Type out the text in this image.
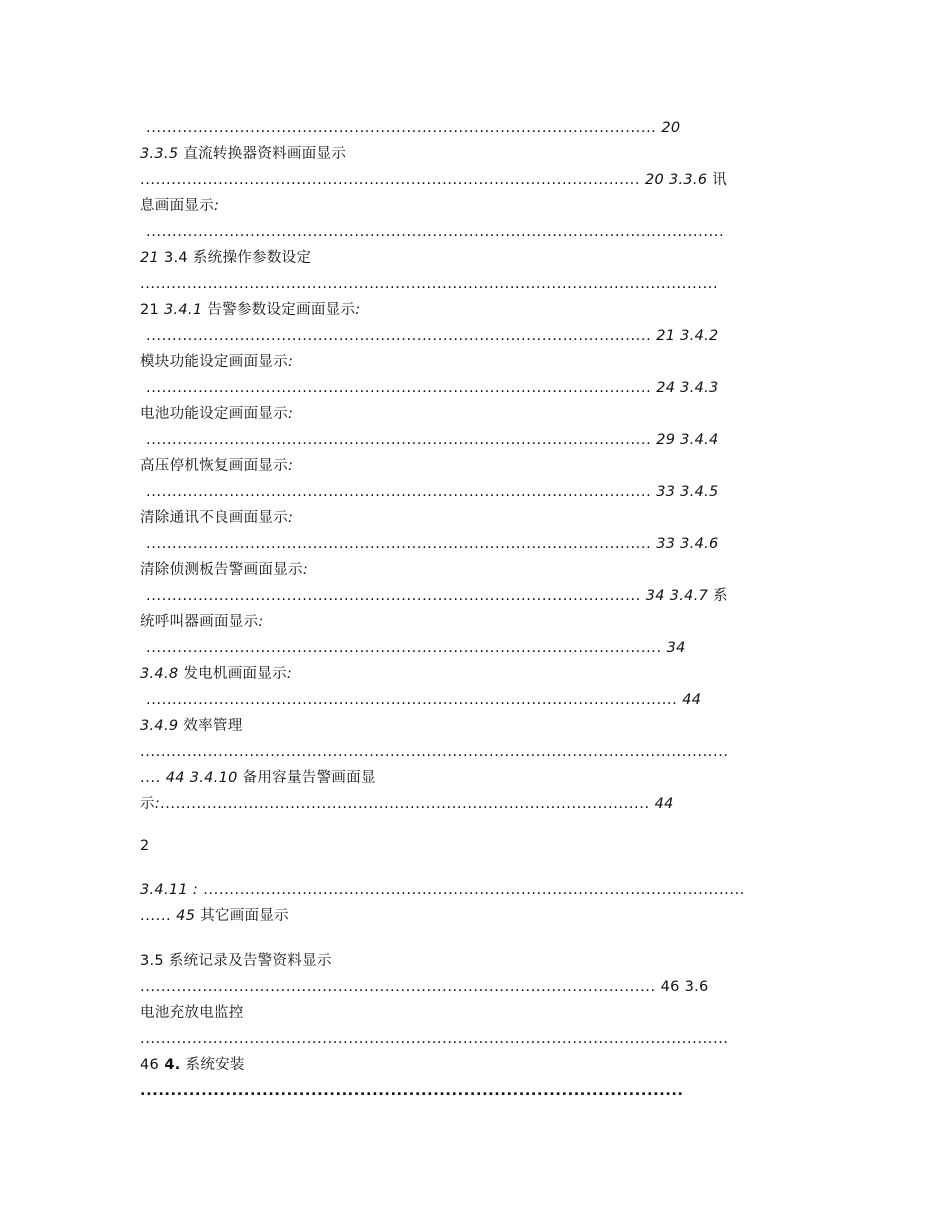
.................................................................................................. 20
3.3.5 直流转换器资料画面显示
................................................................................................ 20 3.3.6 讯
息画面显示:
...............................................................................................................
21 3.4 系统操作参数设定
...............................................................................................................
21 3.4.1 告警参数设定画面显示:
................................................................................................. 21 3.4.2
模块功能设定画面显示:
................................................................................................. 24 3.4.3
电池功能设定画面显示:
................................................................................................. 29 3.4.4
高压停机恢复画面显示:
................................................................................................. 33 3.4.5
清除通讯不良画面显示:
................................................................................................. 33 3.4.6
清除侦测板告警画面显示:
............................................................................................... 34 3.4.7 系
统呼叫器画面显示:
................................................................................................... 34
3.4.8 发电机画面显示:
...................................................................................................... 44
3.4.9 效率管理
.................................................................................................................
.... 44 3.4.10 备用容量告警画面显
示:.............................................................................................. 44
2
3.4.11 : ........................................................................................................
...... 45 其它画面显示
3.5 系统记录及告警资料显示
................................................................................................... 46 3.6
电池充放电监控
.................................................................................................................
46 4. 系统安装
.........................................................................................
